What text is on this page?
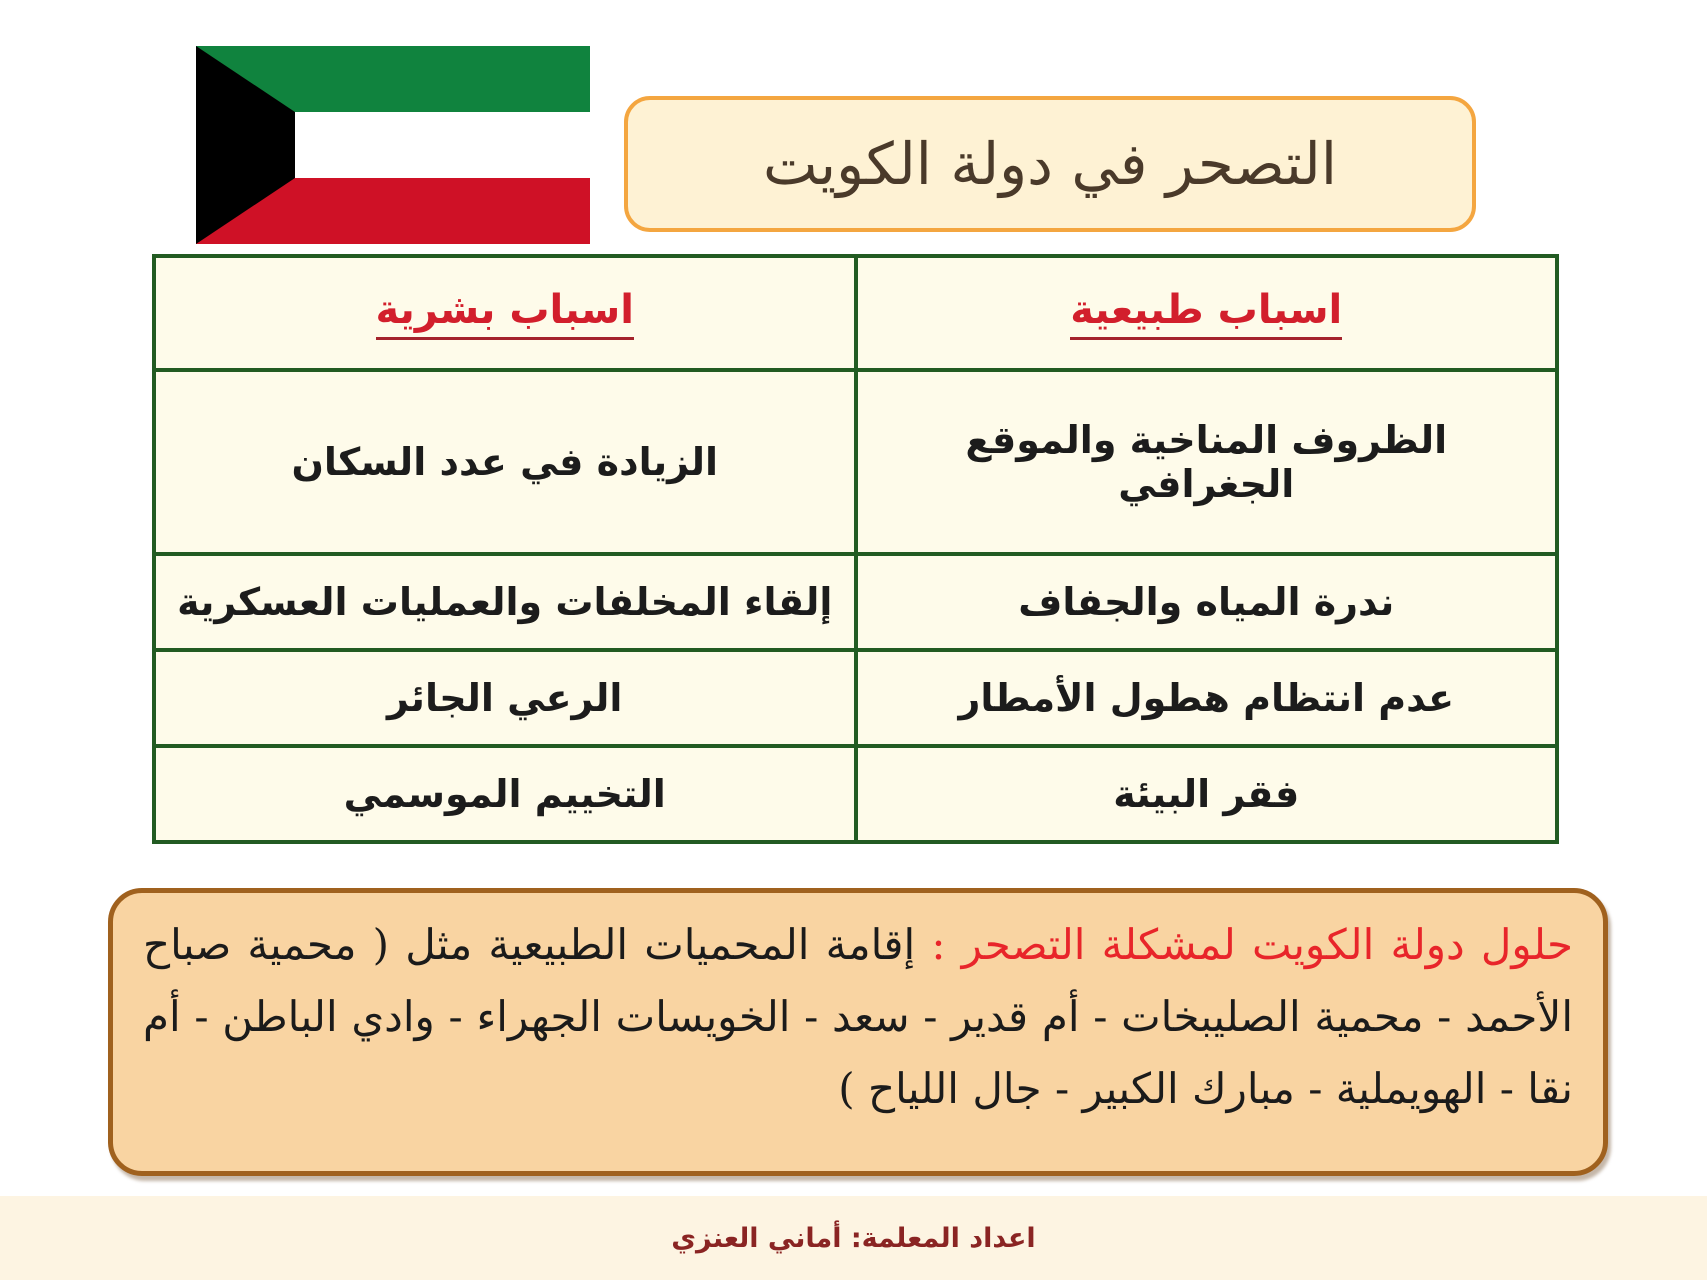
التصحر في دولة الكويت
اسباب طبيعية	اسباب بشرية
الظروف المناخية والموقع الجغرافي	الزيادة في عدد السكان
ندرة المياه والجفاف	إلقاء المخلفات والعمليات العسكرية
عدم انتظام هطول الأمطار	الرعي الجائر
فقر البيئة	التخييم الموسمي
حلول دولة الكويت لمشكلة التصحر : إقامة المحميات الطبيعية مثل ( محمية صباح الأحمد - محمية الصليبخات - أم قدير - سعد - الخويسات الجهراء - وادي الباطن - أم نقا - الهويملية - مبارك الكبير - جال اللياح )
اعداد المعلمة: أماني العنزي
